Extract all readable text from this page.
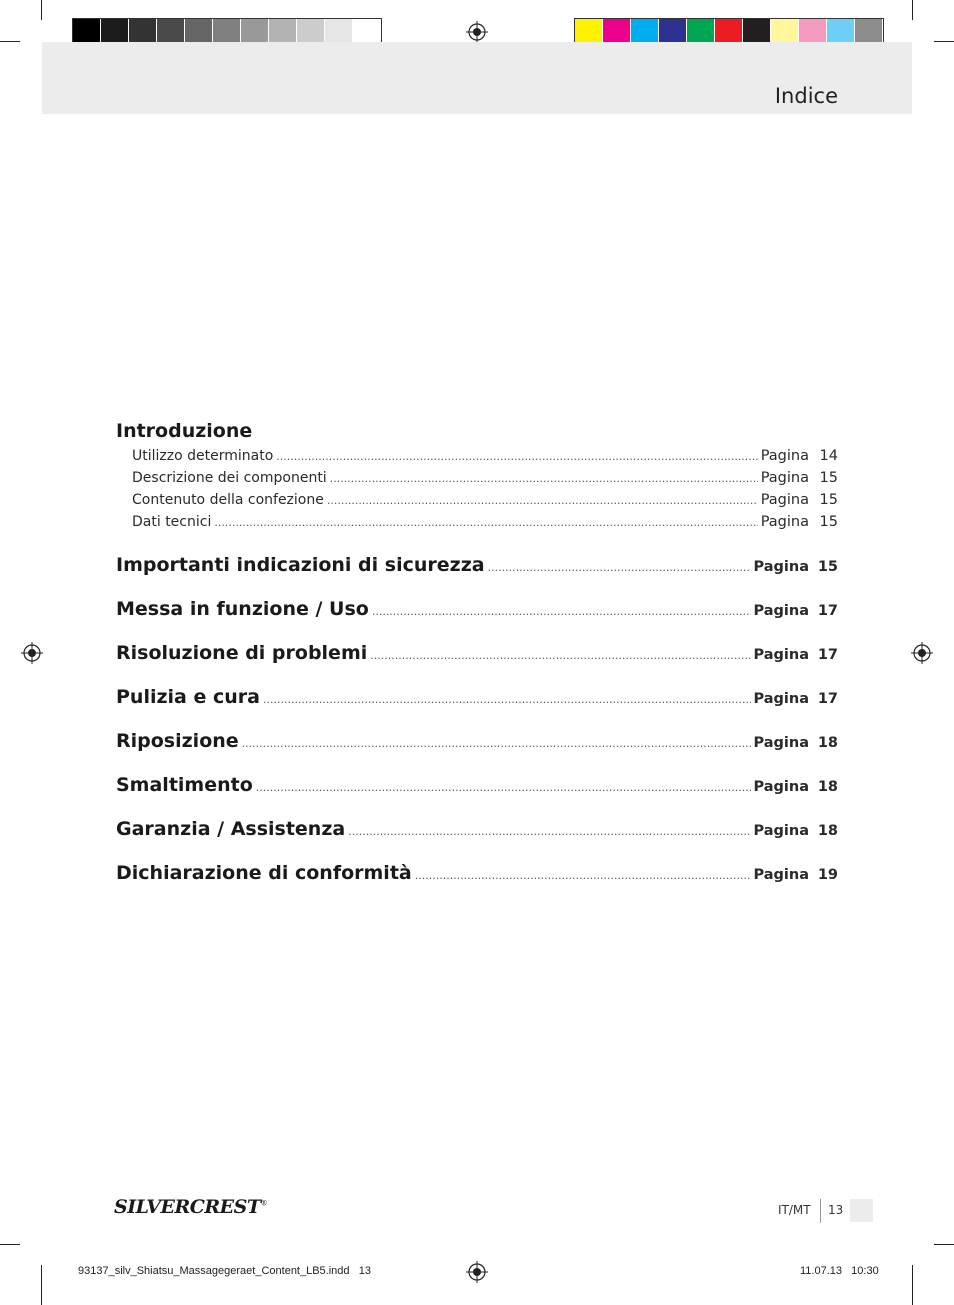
Indice
Introduzione
Utilizzo determinato .....	Pagina 14
Descrizione dei componenti .....	Pagina 15
Contenuto della confezione .....	Pagina 15
Dati tecnici .....	Pagina 15
Importanti indicazioni di sicurezza .....	Pagina 15
Messa in funzione / Uso .....	Pagina 17
Risoluzione di problemi .....	Pagina 17
Pulizia e cura .....	Pagina 17
Riposizione .....	Pagina 18
Smaltimento .....	Pagina 18
Garanzia / Assistenza .....	Pagina 18
Dichiarazione di conformità .....	Pagina 19
SILVERCREST®	IT/MT 13
93137_silv_Shiatsu_Massagegeraet_Content_LB5.indd   13	11.07.13   10:30
